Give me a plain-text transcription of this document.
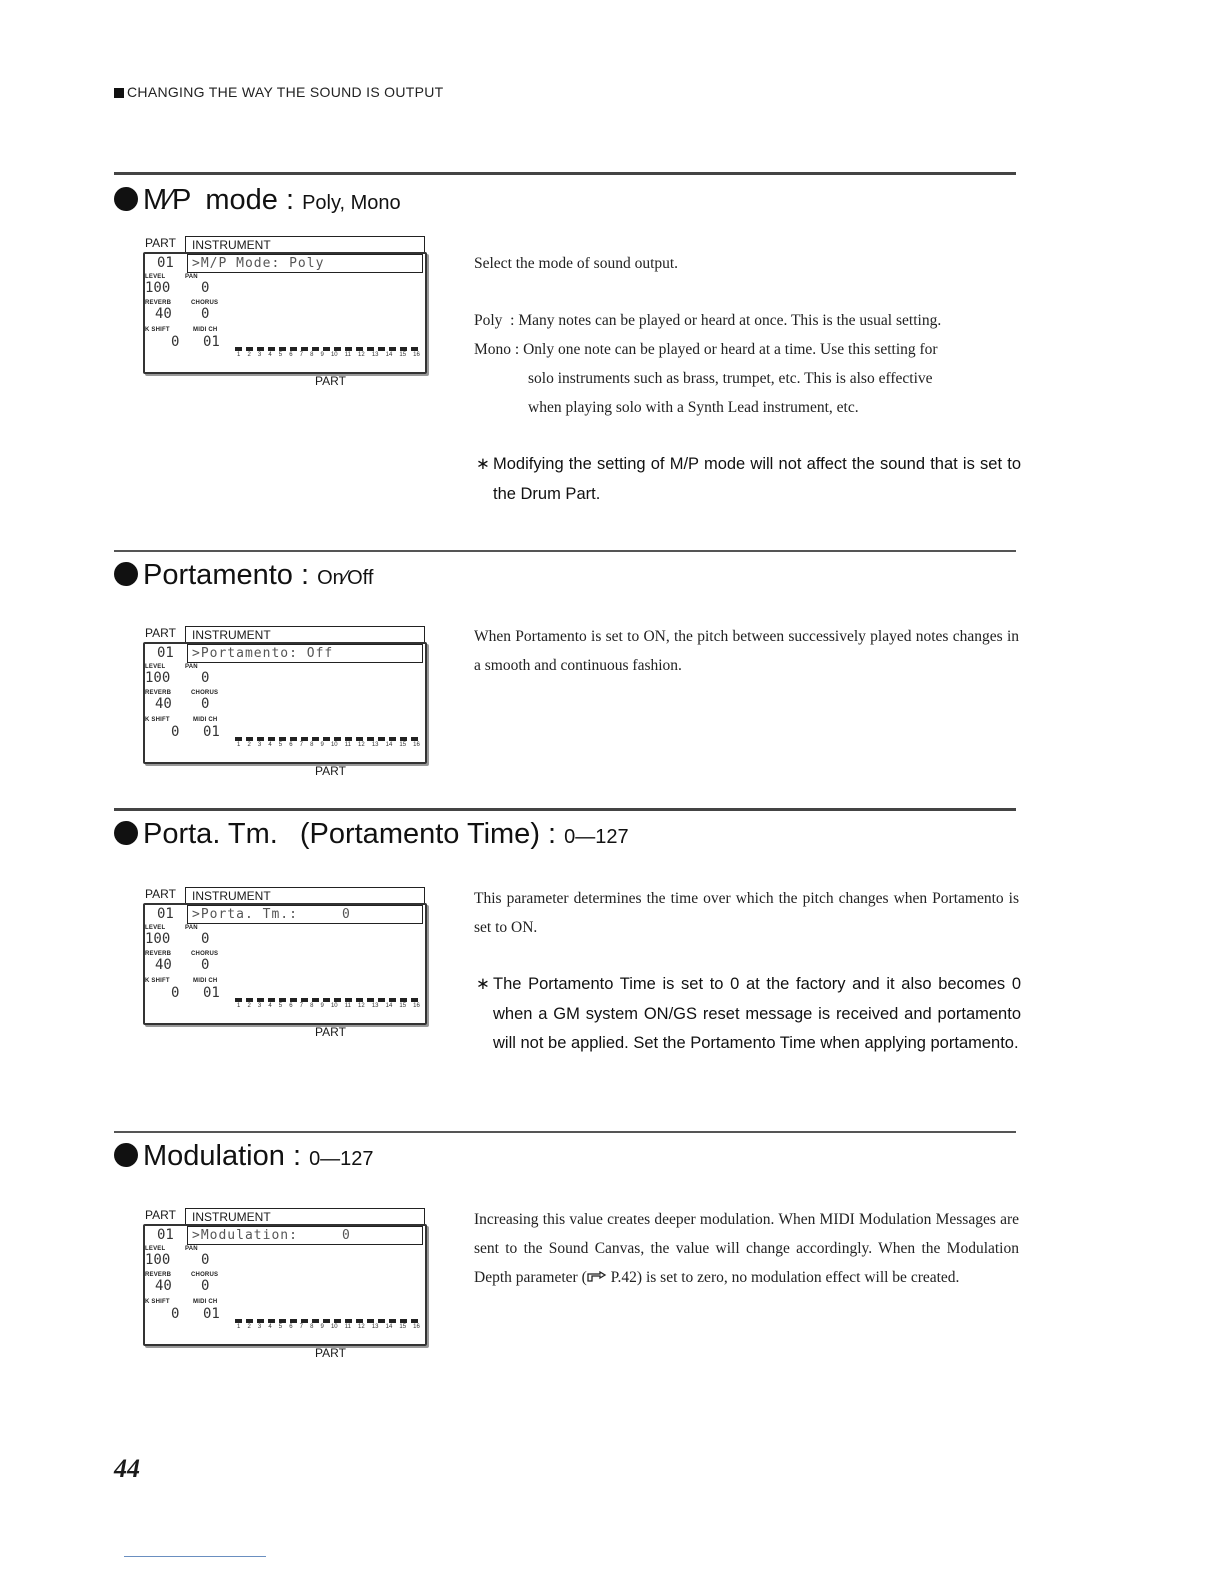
CHANGING THE WAY THE SOUND IS OUTPUT
M∕P mode : Poly, Mono
PART	INSTRUMENT
01	>M/P Mode: Poly
LEVEL	PAN
100 0
REVERB	CHORUS
40 0
K SHIFT	MIDI CH
0 01
1 2 3 4 5 6 7 8 9 10 11 12 13 14 15 16
PART
Select the mode of sound output.
Poly  : Many notes can be played or heard at once. This is the usual setting.
Mono : Only one note can be played or heard at a time. Use this setting for
solo instruments such as brass, trumpet, etc. This is also effective
when playing solo with a Synth Lead instrument, etc.
∗ Modifying the setting of M/P mode will not affect the sound that is set to the Drum Part.
Portamento : On∕Off
PART	INSTRUMENT
01	>Portamento: Off
LEVEL	PAN
100 0
REVERB	CHORUS
40 0
K SHIFT	MIDI CH
0 01
1 2 3 4 5 6 7 8 9 10 11 12 13 14 15 16
PART
When Portamento is set to ON, the pitch between successively played notes changes in a smooth and continuous fashion.
Porta. Tm. (Portamento Time) : 0—127
PART	INSTRUMENT
01	>Porta. Tm.:     0
LEVEL	PAN
100 0
REVERB	CHORUS
40 0
K SHIFT	MIDI CH
0 01
1 2 3 4 5 6 7 8 9 10 11 12 13 14 15 16
PART
This parameter determines the time over which the pitch changes when Portamento is set to ON.
∗ The Portamento Time is set to 0 at the factory and it also becomes 0 when a GM system ON/GS reset message is received and portamento will not be applied. Set the Portamento Time when applying portamento.
Modulation : 0—127
PART	INSTRUMENT
01	>Modulation:     0
LEVEL	PAN
100 0
REVERB	CHORUS
40 0
K SHIFT	MIDI CH
0 01
1 2 3 4 5 6 7 8 9 10 11 12 13 14 15 16
PART
Increasing this value creates deeper modulation. When MIDI Modulation Messages are sent to the Sound Canvas, the value will change accordingly. When the Modulation Depth parameter ( P.42) is set to zero, no modulation effect will be created.
44
